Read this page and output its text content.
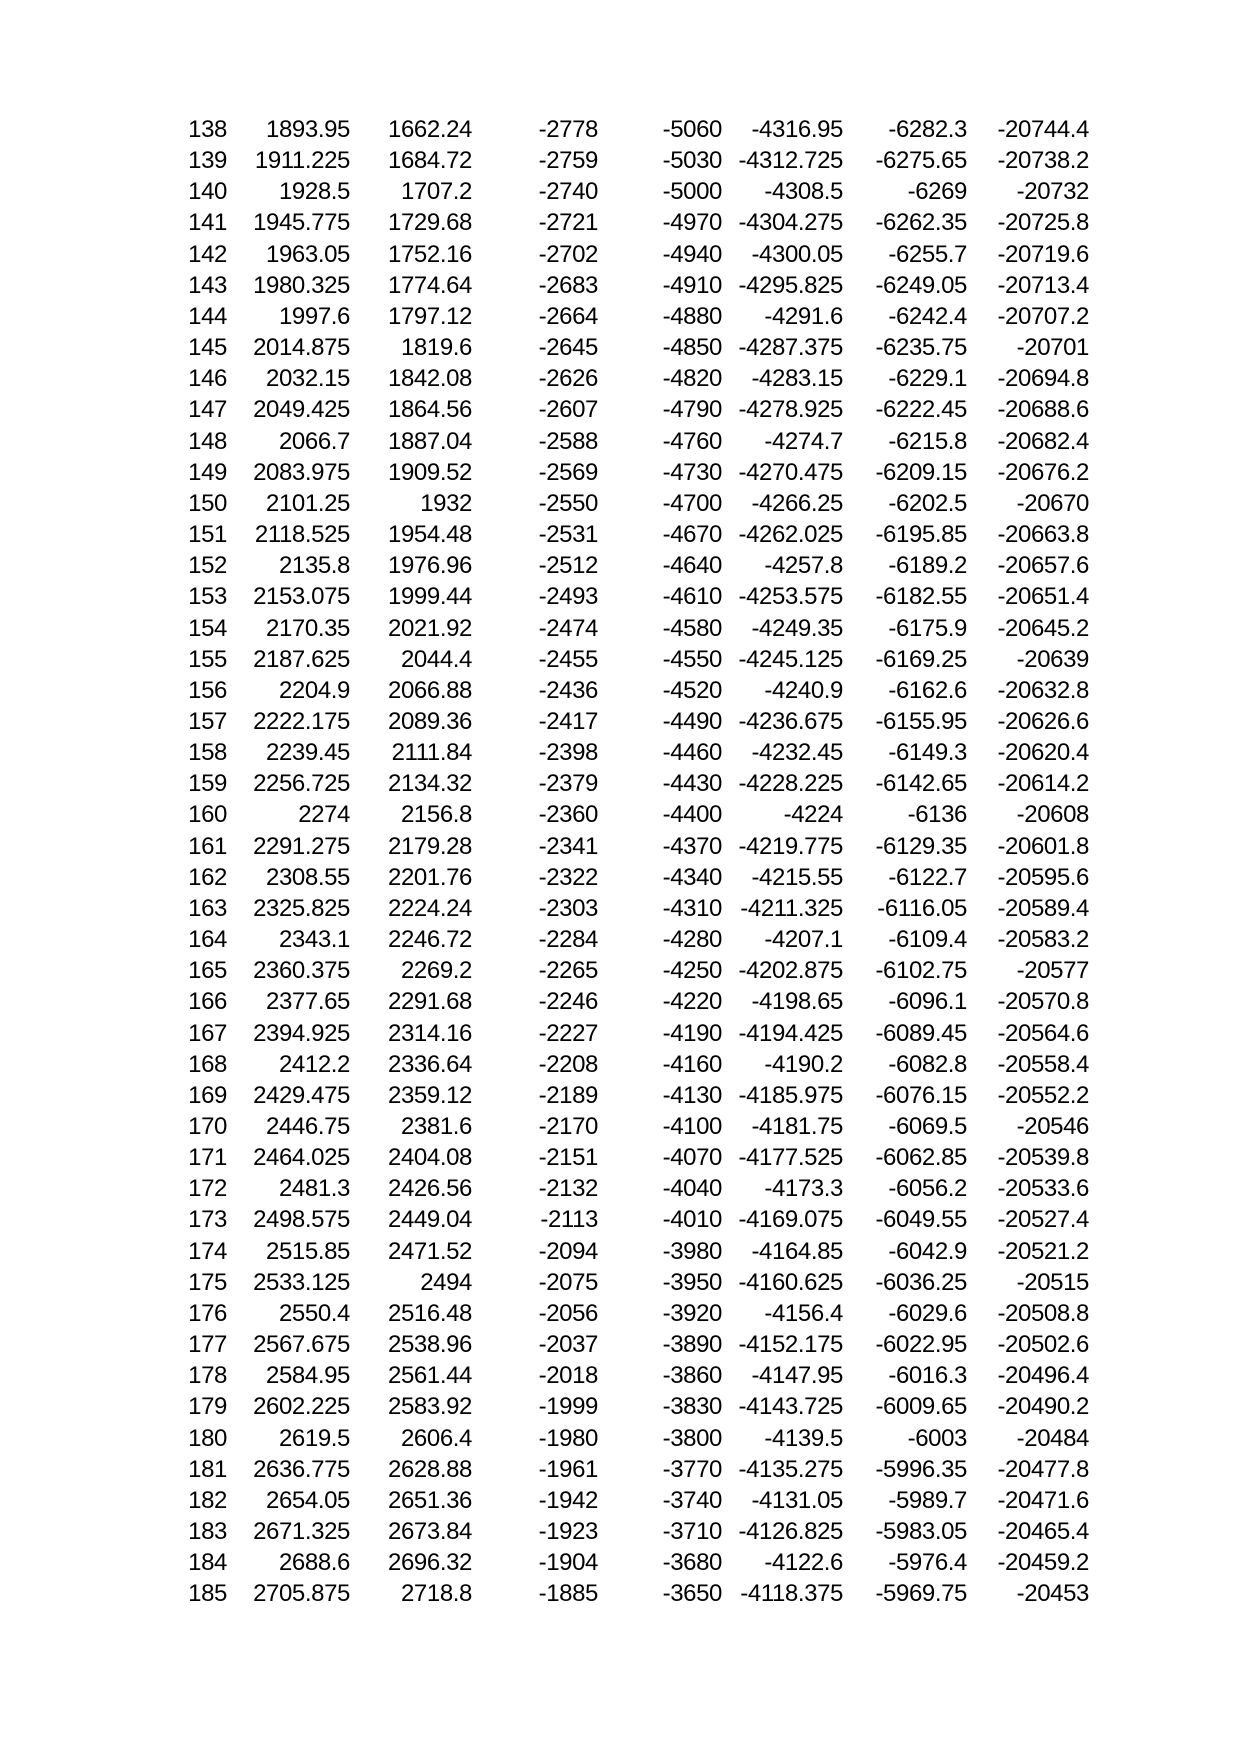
138	1893.95	1662.24	-2778	-5060	-4316.95	-6282.3	-20744.4
139	1911.225	1684.72	-2759	-5030 -4312.725	-6275.65	-20738.2
140	1928.5	1707.2	-2740	-5000	-4308.5	-6269	-20732
141	1945.775	1729.68	-2721	-4970 -4304.275	-6262.35	-20725.8
142	1963.05	1752.16	-2702	-4940	-4300.05	-6255.7	-20719.6
143	1980.325	1774.64	-2683	-4910 -4295.825	-6249.05	-20713.4
144	1997.6	1797.12	-2664	-4880	-4291.6	-6242.4	-20707.2
145	2014.875	1819.6	-2645	-4850 -4287.375	-6235.75	-20701
146	2032.15	1842.08	-2626	-4820	-4283.15	-6229.1	-20694.8
147	2049.425	1864.56	-2607	-4790 -4278.925	-6222.45	-20688.6
148	2066.7	1887.04	-2588	-4760	-4274.7	-6215.8	-20682.4
149	2083.975	1909.52	-2569	-4730 -4270.475	-6209.15	-20676.2
150	2101.25	1932	-2550	-4700	-4266.25	-6202.5	-20670
151	2118.525	1954.48	-2531	-4670 -4262.025	-6195.85	-20663.8
152	2135.8	1976.96	-2512	-4640	-4257.8	-6189.2	-20657.6
153	2153.075	1999.44	-2493	-4610 -4253.575	-6182.55	-20651.4
154	2170.35	2021.92	-2474	-4580	-4249.35	-6175.9	-20645.2
155	2187.625	2044.4	-2455	-4550 -4245.125	-6169.25	-20639
156	2204.9	2066.88	-2436	-4520	-4240.9	-6162.6	-20632.8
157	2222.175	2089.36	-2417	-4490 -4236.675	-6155.95	-20626.6
158	2239.45	2111.84	-2398	-4460	-4232.45	-6149.3	-20620.4
159	2256.725	2134.32	-2379	-4430 -4228.225	-6142.65	-20614.2
160	2274	2156.8	-2360	-4400	-4224	-6136	-20608
161	2291.275	2179.28	-2341	-4370 -4219.775	-6129.35	-20601.8
162	2308.55	2201.76	-2322	-4340	-4215.55	-6122.7	-20595.6
163	2325.825	2224.24	-2303	-4310 -4211.325	-6116.05	-20589.4
164	2343.1	2246.72	-2284	-4280	-4207.1	-6109.4	-20583.2
165	2360.375	2269.2	-2265	-4250 -4202.875	-6102.75	-20577
166	2377.65	2291.68	-2246	-4220	-4198.65	-6096.1	-20570.8
167	2394.925	2314.16	-2227	-4190 -4194.425	-6089.45	-20564.6
168	2412.2	2336.64	-2208	-4160	-4190.2	-6082.8	-20558.4
169	2429.475	2359.12	-2189	-4130 -4185.975	-6076.15	-20552.2
170	2446.75	2381.6	-2170	-4100	-4181.75	-6069.5	-20546
171	2464.025	2404.08	-2151	-4070 -4177.525	-6062.85	-20539.8
172	2481.3	2426.56	-2132	-4040	-4173.3	-6056.2	-20533.6
173	2498.575	2449.04	-2113	-4010 -4169.075	-6049.55	-20527.4
174	2515.85	2471.52	-2094	-3980	-4164.85	-6042.9	-20521.2
175	2533.125	2494	-2075	-3950 -4160.625	-6036.25	-20515
176	2550.4	2516.48	-2056	-3920	-4156.4	-6029.6	-20508.8
177	2567.675	2538.96	-2037	-3890 -4152.175	-6022.95	-20502.6
178	2584.95	2561.44	-2018	-3860	-4147.95	-6016.3	-20496.4
179	2602.225	2583.92	-1999	-3830 -4143.725	-6009.65	-20490.2
180	2619.5	2606.4	-1980	-3800	-4139.5	-6003	-20484
181	2636.775	2628.88	-1961	-3770 -4135.275	-5996.35	-20477.8
182	2654.05	2651.36	-1942	-3740	-4131.05	-5989.7	-20471.6
183	2671.325	2673.84	-1923	-3710 -4126.825	-5983.05	-20465.4
184	2688.6	2696.32	-1904	-3680	-4122.6	-5976.4	-20459.2
185	2705.875	2718.8	-1885	-3650 -4118.375	-5969.75	-20453
